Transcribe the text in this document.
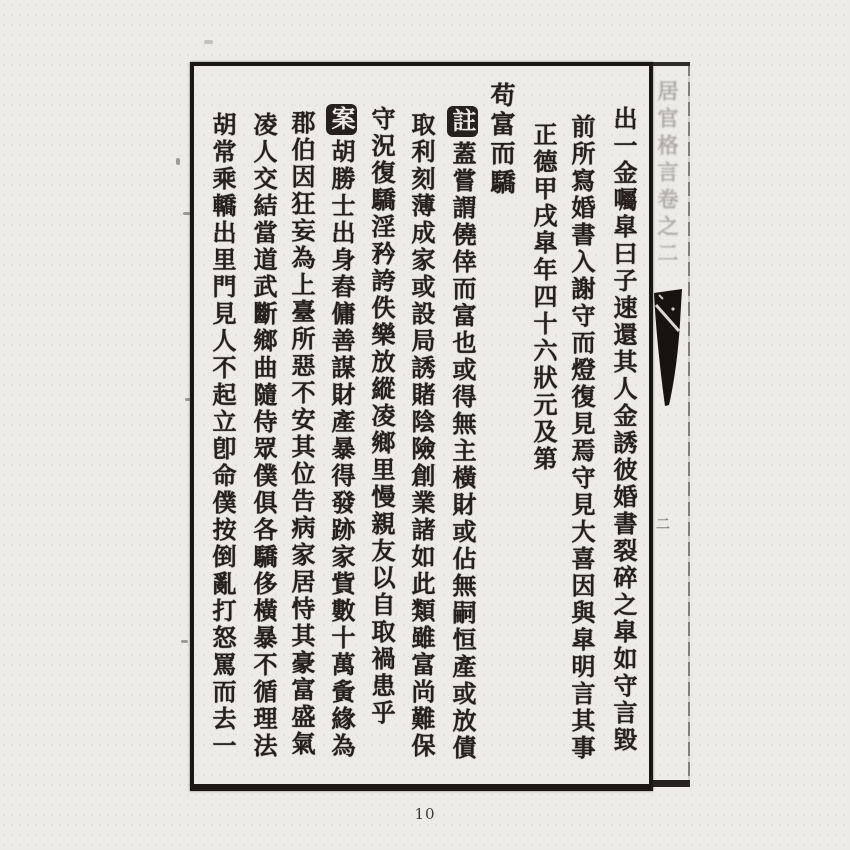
出一金囑皐曰子速還其人金誘彼婚書裂碎之皐如守言毀
前所寫婚書入謝守而燈復見焉守見大喜因與皐明言其事
正德甲戌皐年四十六狀元及第
苟富而驕
註蓋嘗謂僥倖而富也或得無主橫財或佔無嗣恒產或放債
取利刻薄成家或設局誘賭陰險創業諸如此類雖富尚難保
守況復驕淫矜誇佚樂放縱凌鄉里慢親友以自取禍患乎
案胡勝士出身舂傭善謀財產暴得發跡家貲數十萬夤緣為
郡伯因狂妄為上臺所惡不安其位告病家居恃其豪富盛氣
凌人交結當道武斷鄉曲隨侍眾僕俱各驕侈橫暴不循理法
胡常乘轎出里門見人不起立卽命僕按倒亂打怒罵而去一	居官格言卷之二
二
10
